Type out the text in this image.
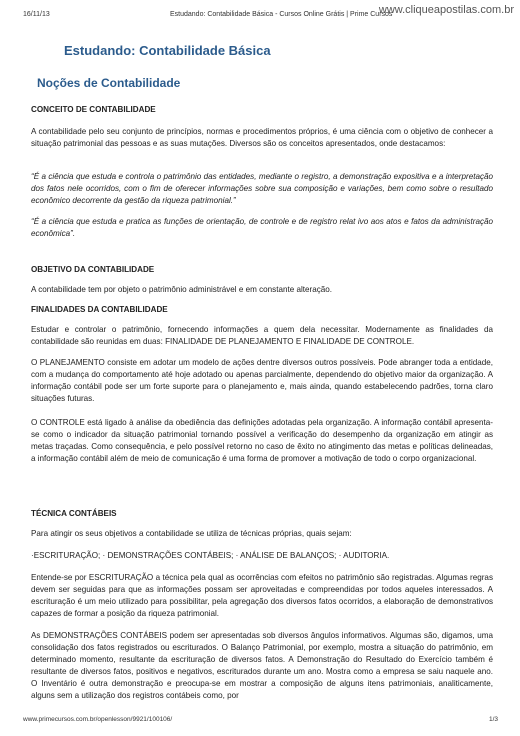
16/11/13	Estudando: Contabilidade Básica - Cursos Online Grátis | Prime Cursos
www.cliqueapostilas.com.br
Estudando: Contabilidade Básica
Noções de Contabilidade

CONCEITO DE CONTABILIDADE

A contabilidade pelo seu conjunto de princípios, normas e procedimentos próprios, é uma ciência com o objetivo de conhecer a situação patrimonial das pessoas e as suas mutações. Diversos são os conceitos apresentados, onde destacamos:

“É a ciência que estuda e controla o patrimônio das entidades, mediante o registro, a demonstração expositiva e a interpretação dos fatos nele ocorridos, com o fim de oferecer informações sobre sua composição e variações, bem como sobre o resultado econômico decorrente da gestão da riqueza patrimonial.”

“É a ciência que estuda e pratica as funções de orientação, de controle e de registro relat ivo aos atos e fatos da administração econômica”.

OBJETIVO DA CONTABILIDADE

A contabilidade tem por objeto o patrimônio administrável e em constante alteração.

FINALIDADES DA CONTABILIDADE

Estudar e controlar o patrimônio, fornecendo informações a quem dela necessitar. Modernamente as finalidades da contabilidade são reunidas em duas: FINALIDADE DE PLANEJAMENTO E FINALIDADE DE CONTROLE.

O PLANEJAMENTO consiste em adotar um modelo de ações dentre diversos outros possíveis. Pode abranger toda a entidade, com a mudança do comportamento até hoje adotado ou apenas parcialmente, dependendo do objetivo maior da organização. A informação contábil pode ser um forte suporte para o planejamento e, mais ainda, quando estabelecendo padrões, torna claro situações futuras.

O CONTROLE está ligado à análise da obediência das definições adotadas pela organização. A informação contábil apresenta-se como o indicador da situação patrimonial tornando possível a verificação do desempenho da organização em atingir as metas traçadas. Como consequência, e pelo possível retorno no caso de êxito no atingimento das metas e políticas delineadas, a informação contábil além de meio de comunicação é uma forma de promover a motivação de todo o corpo organizacional.

TÉCNICA CONTÁBEIS

Para atingir os seus objetivos a contabilidade se utiliza de técnicas próprias, quais sejam:

·ESCRITURAÇÃO; · DEMONSTRAÇÕES CONTÁBEIS; · ANÁLISE DE BALANÇOS; · AUDITORIA.

Entende-se por ESCRITURAÇÃO a técnica pela qual as ocorrências com efeitos no patrimônio são registradas. Algumas regras devem ser seguidas para que as informações possam ser aproveitadas e compreendidas por todos aqueles interessados. A escrituração é um meio utilizado para possibilitar, pela agregação dos diversos fatos ocorridos, a elaboração de demonstrativos capazes de formar a posição da riqueza patrimonial.

As DEMONSTRAÇÕES CONTÁBEIS podem ser apresentadas sob diversos ângulos informativos. Algumas são, digamos, uma consolidação dos fatos registrados ou escriturados. O Balanço Patrimonial, por exemplo, mostra a situação do patrimônio, em determinado momento, resultante da escrituração de diversos fatos. A Demonstração do Resultado do Exercício também é resultante de diversos fatos, positivos e negativos, escriturados durante um ano. Mostra como a empresa se saiu naquele ano. O Inventário é outra demonstração e preocupa-se em mostrar a composição de alguns itens patrimoniais, analiticamente, alguns sem a utilização dos registros contábeis como, por

www.primecursos.com.br/openlesson/9921/100106/	1/3
